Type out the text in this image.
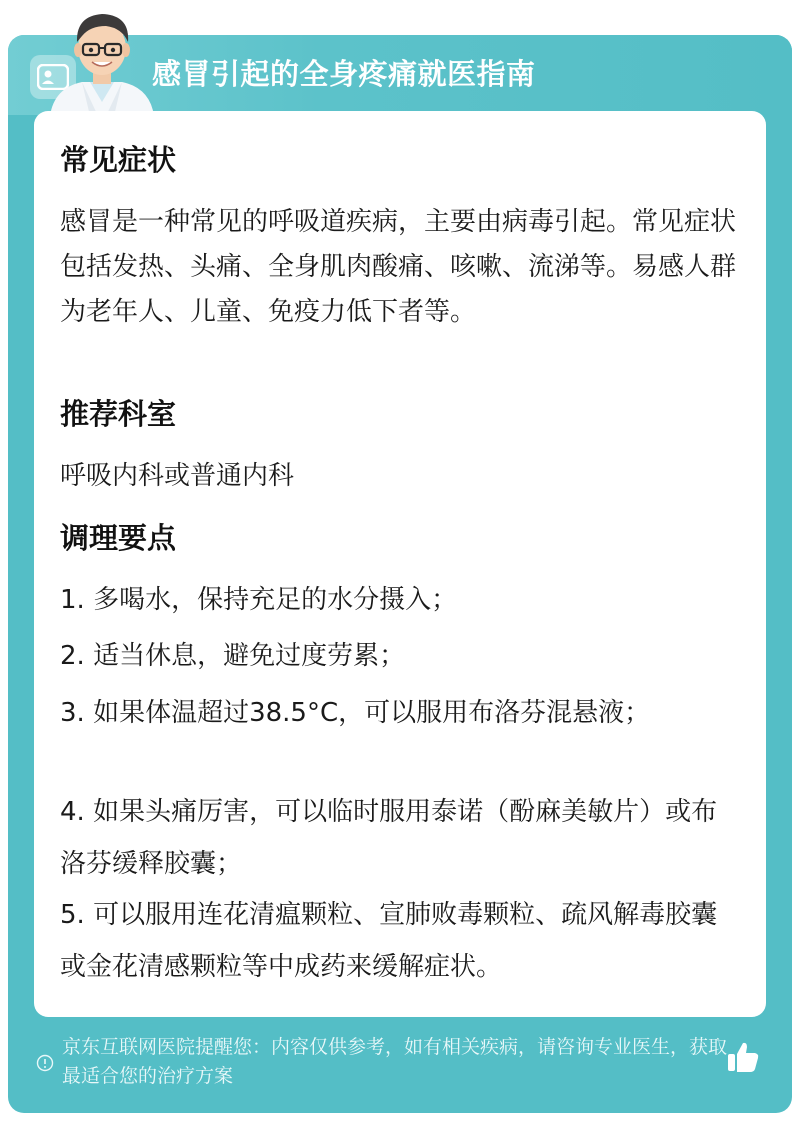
感冒引起的全身疼痛就医指南
常见症状
感冒是一种常见的呼吸道疾病，主要由病毒引起。常见症状包括发热、头痛、全身肌肉酸痛、咳嗽、流涕等。易感人群为老年人、儿童、免疫力低下者等。
推荐科室
呼吸内科或普通内科
调理要点
1. 多喝水，保持充足的水分摄入；
2. 适当休息，避免过度劳累；
3. 如果体温超过38.5°C，可以服用布洛芬混悬液；
4. 如果头痛厉害，可以临时服用泰诺（酚麻美敏片）或布洛芬缓释胶囊；
5. 可以服用连花清瘟颗粒、宣肺败毒颗粒、疏风解毒胶囊或金花清感颗粒等中成药来缓解症状。
京东互联网医院提醒您：内容仅供参考，如有相关疾病，请咨询专业医生，获取最适合您的治疗方案
